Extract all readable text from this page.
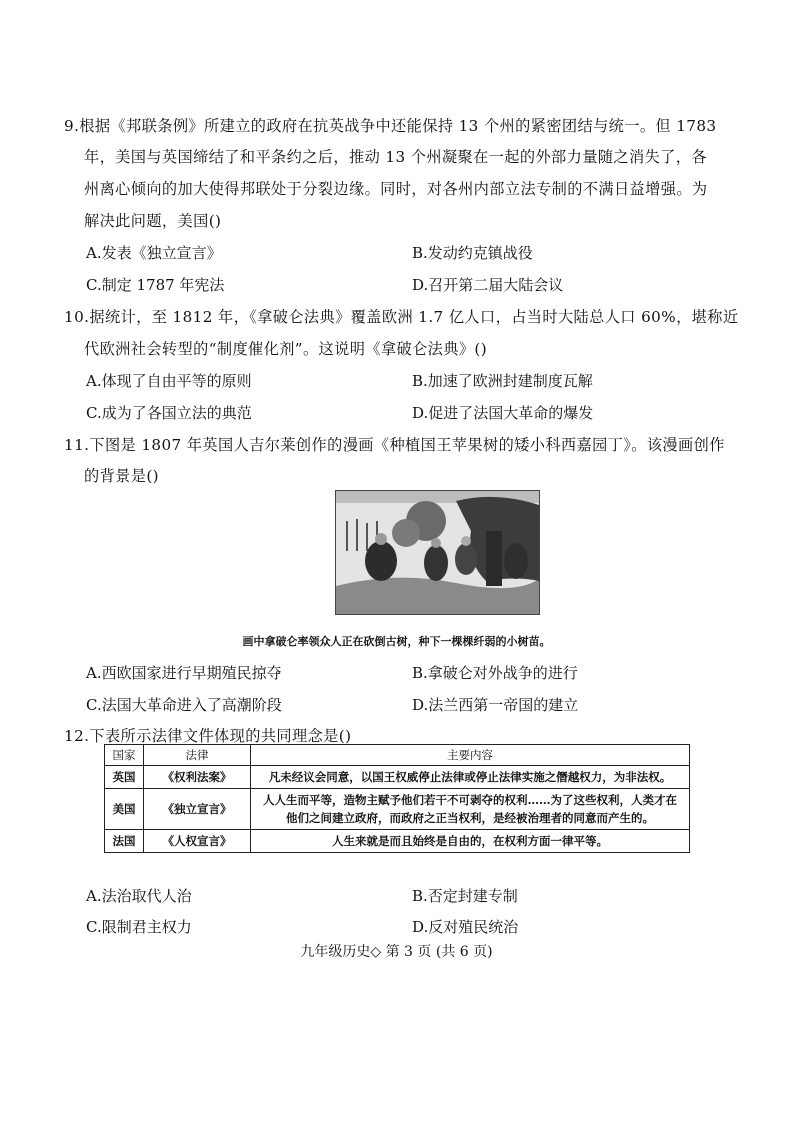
9.根据《邦联条例》所建立的政府在抗英战争中还能保持 13 个州的紧密团结与统一。但 1783
年，美国与英国缔结了和平条约之后，推动 13 个州凝聚在一起的外部力量随之消失了，各
州离心倾向的加大使得邦联处于分裂边缘。同时，对各州内部立法专制的不满日益增强。为
解决此问题，美国()
A.发表《独立宣言》	B.发动约克镇战役
C.制定 1787 年宪法	D.召开第二届大陆会议
10.据统计，至 1812 年，《拿破仑法典》覆盖欧洲 1.7 亿人口，占当时大陆总人口 60%，堪称近
代欧洲社会转型的“制度催化剂”。这说明《拿破仑法典》()
A.体现了自由平等的原则	B.加速了欧洲封建制度瓦解
C.成为了各国立法的典范	D.促进了法国大革命的爆发
11.下图是 1807 年英国人吉尔莱创作的漫画《种植国王苹果树的矮小科西嘉园丁》。该漫画创作
的背景是()
画中拿破仑率领众人正在砍倒古树，种下一棵棵纤弱的小树苗。
A.西欧国家进行早期殖民掠夺	B.拿破仑对外战争的进行
C.法国大革命进入了高潮阶段	D.法兰西第一帝国的建立
12.下表所示法律文件体现的共同理念是()
国家	法律	主要内容
英国	《权利法案》	凡未经议会同意，以国王权威停止法律或停止法律实施之僭越权力，为非法权。

美国	《独立宣言》	人人生而平等，造物主赋予他们若干不可剥夺的权利……为了这些权利，人类才在
他们之间建立政府，而政府之正当权利，是经被治理者的同意而产生的。

法国	《人权宣言》	人生来就是而且始终是自由的，在权利方面一律平等。
A.法治取代人治	B.否定封建专制
C.限制君主权力	D.反对殖民统治
九年级历史◇ 第 3 页 (共 6 页)
